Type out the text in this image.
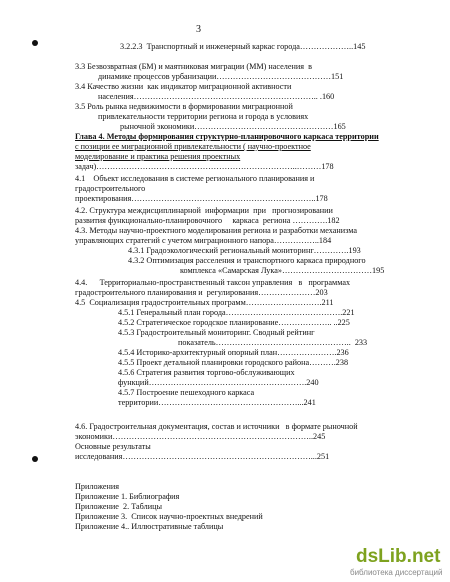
3
3.2.2.3  Транспортный и инженерный каркас города………………..145
3.3 Безвозвратная (БМ) и маятниковая миграции (ММ) населения  в
динамике процессов урбанизации……………………………………151
3.4 Качество жизни  как индикатор миграционной активности
населения………………………………………………………….. .160
3.5 Роль рынка недвижимости в формировании миграционной
привлекательности территории региона и города в условиях
рыночной экономики……………………………………………165
Глава 4. Методы формирования структурно-планировочного каркаса территории
с позиции ее миграционной привлекательности ( научно-проектное
моделирование и практика решения проектных
задач)………………………………………………………………..………178
4.1    Объект исследования в системе регионального планирования и
градостроительного
проектирования…………………………………………………………..178
4.2. Структура междисциплинарной  информации  при   прогнозировании
развития функционально-планировочного     каркаса  региона ………….182
4.3. Методы научно-проектного моделирования региона и разработки механизма
управляющих стратегий с учетом миграционного напора……………..184
4.3.1 Градоэкологический региональный мониторинг………….193
4.3.2 Оптимизация расселения и транспортного каркаса природного
комплекса «Самарская Лука»……………………………195
4.4.      Территориально-пространственный таксон управления   в   программах
градостроительного планирования и  регулирования…………………203
4.5  Социализация градостроительных программ……………………….211
4.5.1 Генеральный план города…………………………………….221
4.5.2 Стратегическое городское планирование……………….. ..225
4.5.3 Градостроительный мониторинг. Сводный рейтинг
показатель…………………………………………..  233
4.5.4 Историко-архитектурный опорный план………………….236
4.5.5 Проект детальной планировки городского района……….238
4.5.6 Стратегия развития торгово-обслуживающих
функций………………………………………………….240
4.5.7 Построение пешеходного каркаса
территории……………………………………………...241
4.6. Градостроительная документация, состав и источники   в формате рыночной
экономики………………………………………………………………..245
Основные результаты
исследования……………………………………………………………...251
Приложения
Приложение 1. Библиография
Приложение  2. Таблицы
Приложение 3.  Список научно-проектных внедрений
Приложение 4.. Иллюстративные таблицы
dsLib.net
библиотека диссертаций
